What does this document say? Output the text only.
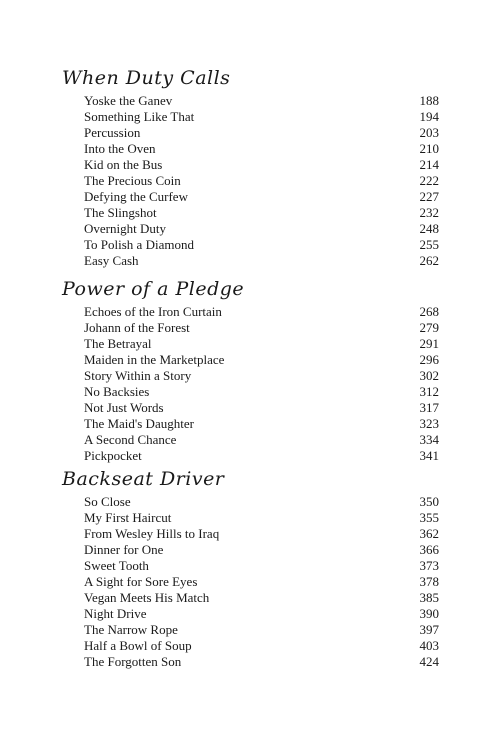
When Duty Calls
Yoske the Ganev	188
Something Like That	194
Percussion	203
Into the Oven	210
Kid on the Bus	214
The Precious Coin	222
Defying the Curfew	227
The Slingshot	232
Overnight Duty	248
To Polish a Diamond	255
Easy Cash	262
Power of a Pledge
Echoes of the Iron Curtain	268
Johann of the Forest	279
The Betrayal	291
Maiden in the Marketplace	296
Story Within a Story	302
No Backsies	312
Not Just Words	317
The Maid's Daughter	323
A Second Chance	334
Pickpocket	341
Backseat Driver
So Close	350
My First Haircut	355
From Wesley Hills to Iraq	362
Dinner for One	366
Sweet Tooth	373
A Sight for Sore Eyes	378
Vegan Meets His Match	385
Night Drive	390
The Narrow Rope	397
Half a Bowl of Soup	403
The Forgotten Son	424
